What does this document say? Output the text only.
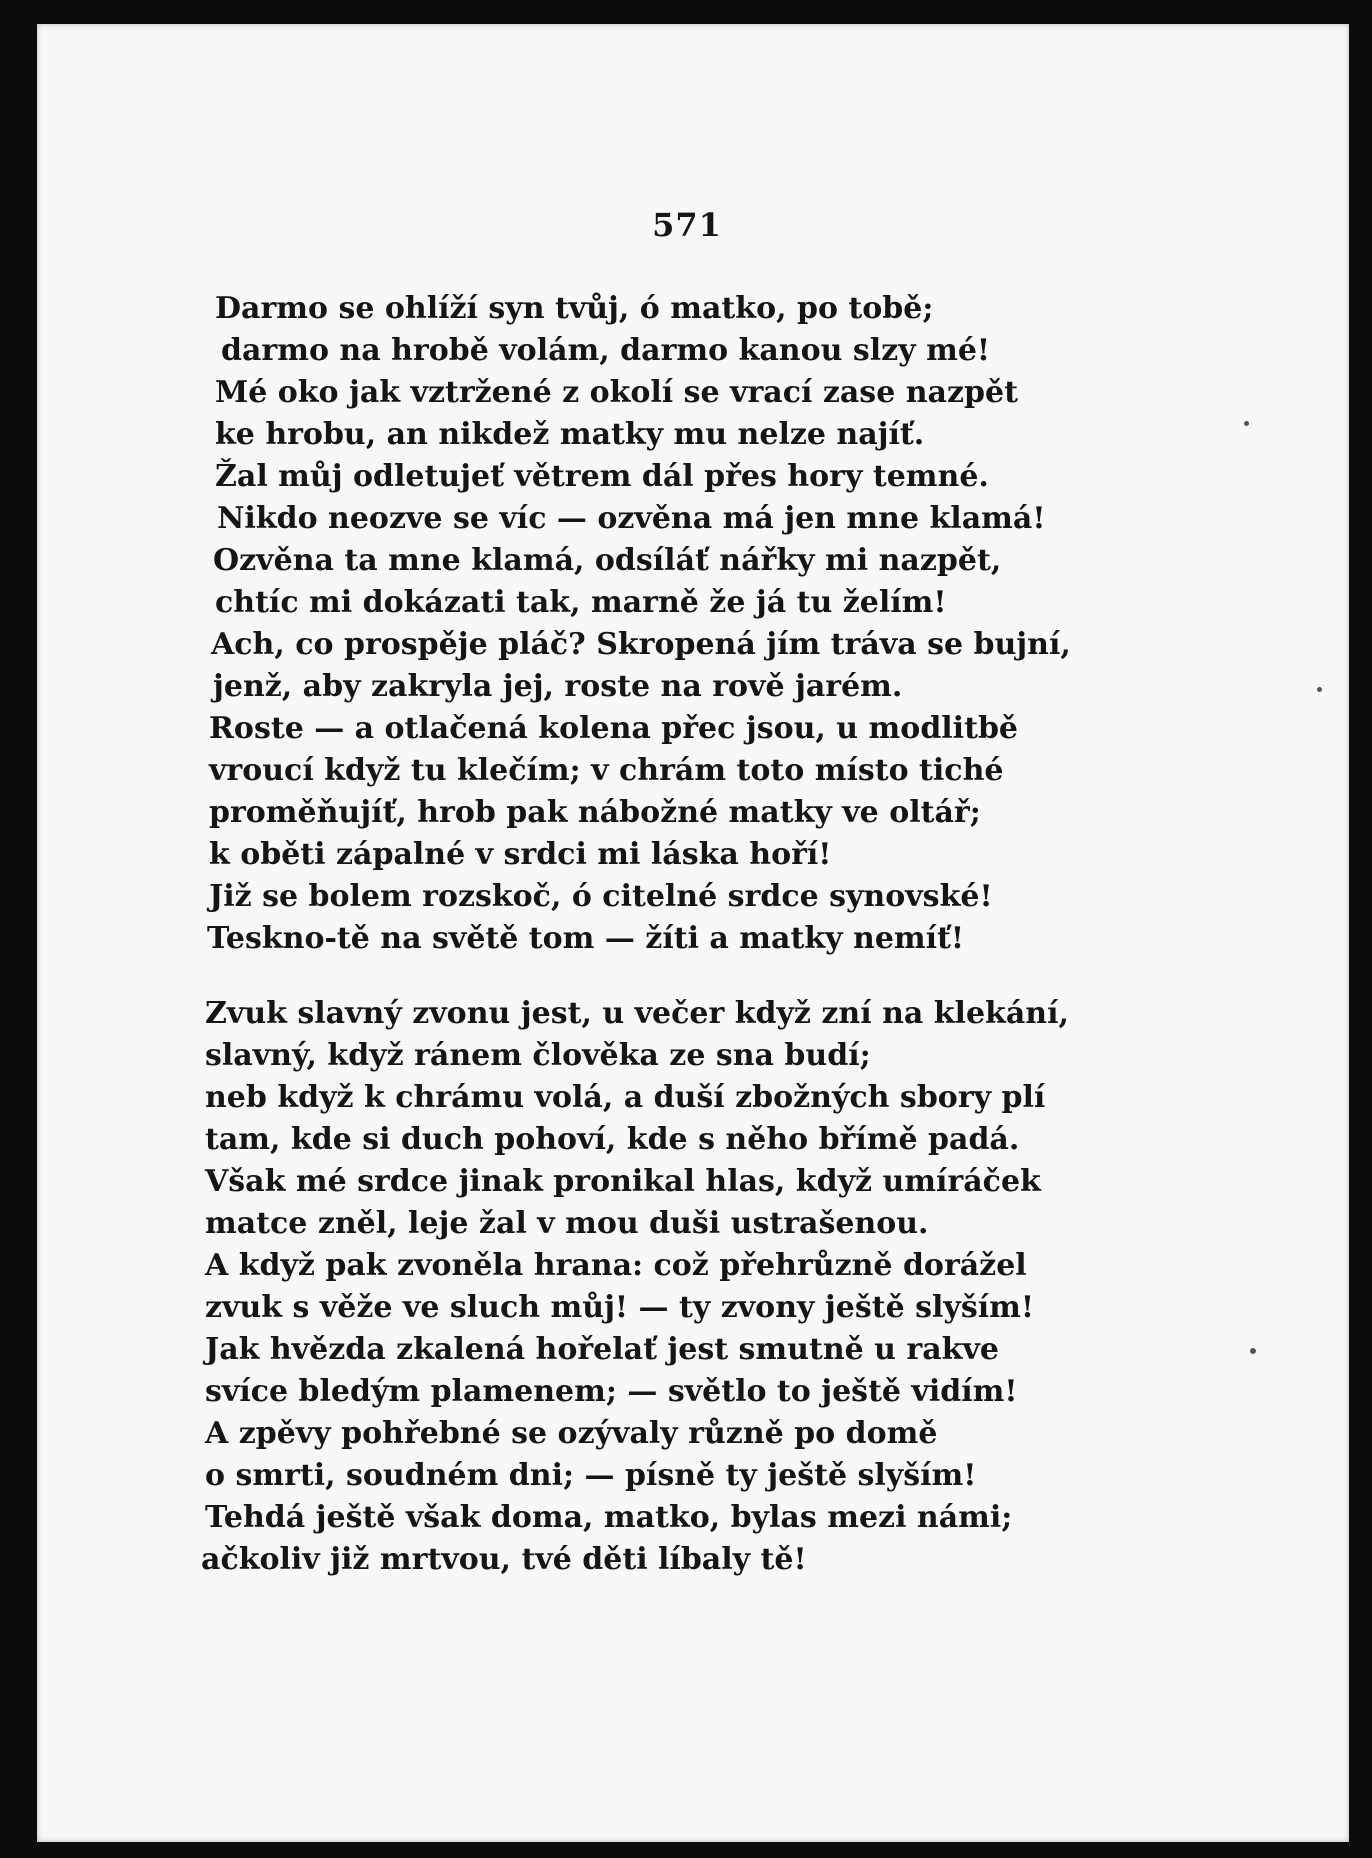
571
Darmo se ohlíží syn tvůj, ó matko, po tobě;
darmo na hrobě volám, darmo kanou slzy mé!
Mé oko jak vztržené z okolí se vrací zase nazpět
ke hrobu, an nikdež matky mu nelze najíť.
Žal můj odletujeť větrem dál přes hory temné.
Nikdo neozve se víc — ozvěna má jen mne klamá!
Ozvěna ta mne klamá, odsíláť nářky mi nazpět,
chtíc mi dokázati tak, marně že já tu želím!
Ach, co prospěje pláč? Skropená jím tráva se bujní,
jenž, aby zakryla jej, roste na rově jarém.
Roste — a otlačená kolena přec jsou, u modlitbě
vroucí když tu klečím; v chrám toto místo tiché
proměňujíť, hrob pak nábožné matky ve oltář;
k oběti zápalné v srdci mi láska hoří!
Již se bolem rozskoč, ó citelné srdce synovské!
Teskno-tě na světě tom — žíti a matky nemíť!
Zvuk slavný zvonu jest, u večer když zní na klekání,
slavný, když ránem člověka ze sna budí;
neb když k chrámu volá, a duší zbožných sbory plí
tam, kde si duch pohoví, kde s něho břímě padá.
Však mé srdce jinak pronikal hlas, když umíráček
matce zněl, leje žal v mou duši ustrašenou.
A když pak zvoněla hrana: což přehrůzně dorážel
zvuk s věže ve sluch můj! — ty zvony ještě slyším!
Jak hvězda zkalená hořelať jest smutně u rakve
svíce bledým plamenem; — světlo to ještě vidím!
A zpěvy pohřebné se ozývaly různě po domě
o smrti, soudném dni; — písně ty ještě slyším!
Tehdá ještě však doma, matko, bylas mezi námi;
ačkoliv již mrtvou, tvé děti líbaly tě!
